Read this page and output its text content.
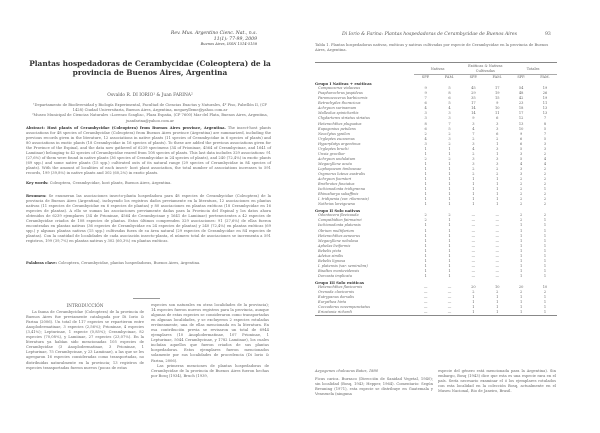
Rev. Mus. Argentino Cienc. Nat., n.s.
11(1): 77-99, 2009
Buenos Aires, ISSN 1514-5158
Plantas hospedadoras de Cerambycidae (Coleoptera) de la provincia de Buenos Aires, Argentina
Osvaldo R. DI IORIO¹ & Juan FARINA²
¹Departamento de Biodiversidad y Biología Experimental, Facultad de Ciencias Exactas y Naturales, 4º Piso, Pabellón II, (CF 1428) Ciudad Universitaria, Buenos Aires, Argentina, megaeylleme@yahoo.com.ar
²Museo Municipal de Ciencias Naturales «Lorenzo Scaglia», Plaza España, (CP 7600) Mar del Plata, Buenos Aires, Argentina, juanfarina@yahoo.com.ar
Abstract: Host plants of Cerambycidae (Coleoptera) from Buenos Aires province, Argentina. The insect-host plants associations for 48 species of Cerambycidae (Coleoptera) from Buenos Aires province (Argentina) are summarized, including the previous records given in the literature, 12 associations in native plants (11 species of Cerambycidae in 6 species of plants) and 80 associations in exotic plants (18 Cerambycidae in 16 species of plants). To these are added the previous associations given for the Province of the Espinal, and the data now gathered of 6239 specimens (34 of Prioninae, 4564 of Cerambycinae, and 1641 of Lamiinae) belonging to 42 species of Cerambycidae reared from 108 species of plants. This last data includes 329 associations: 91 (27,6%) of them were found in native plants (36 species of Cerambycidae in 24 species of plants), and 240 (72,4%) in exotic plants (69 spp.) and some native plants (15 spp.) cultivated outs of its natural range (29 species of Cerambycidae in 84 species of plants). With the amount of localities of each insect- host plant association, the total number of associations increases to 591 records, 199 (39,8%) in native plants and 302 (60,2%) in exotic plants.
Key words: Coleoptera, Cerambycidae, host plants, Buenos Aires, Argentina.
Resumen: Se enumeran las asociaciones insecto-planta hospedadora para 48 especies de Cerambycidae (Coleoptera) de la provincia de Buenos Aires (Argentina), incluyendo los registros dados previamente en la literatura, 12 asociaciones en plantas nativas (11 especies de Cerambycidae en 6 especies de plantas) y 80 asociaciones en plantas exóticas (18 Cerambycidae en 16 especies de plantas). A ello se suman las asociaciones previamente dadas para la Provincia del Espinal y los datos ahora obtenidos de 6239 ejemplares (34 de Prioninae, 4564 de Cerambycinae y 1641 de Lamiinae) pertenecientes a 42 especies de Cerambycidae criados de 108 especies de plantas. Estos últimos comprenden 329 asociaciones: 91 (27,6%) de ellas fueron encontradas en plantas nativas (36 especies de Cerambycidae en 24 especies de plantas) y 240 (72,4%) en plantas exóticas (69 spp.) y algunas plantas nativas (15 spp.) cultivadas fuera de su área natural (29 especies de Cerambycidae en 84 especies de plantas). Con la cantidad de localidades de cada asociación insecto-planta, el número total de asociaciones se incrementa a 591 registros, 199 (39,7%) en plantas nativas y 302 (60,3%) en plantas exóticas.
Palabras clave: Coleoptera, Cerambycidae, plantas hospedadoras, Buenos Aires, Argentina.
INTRODUCCIÓN

La fauna de Cerambycidae (Coleoptera) de la provincia de Buenos Aires fue previamente catalogada por Di Iorio & Farina (2006). Un total de 117 especies se repartieron entre Anoplodermatinae, 3 especies (2,56%); Prioninae, 4 especies (3,41%); Lepturinae, 1 especie (0,85%); Cerambycinae, 82 especies (70,08%), y Lamiinae, 27 especies (23,07%). En la literatura ya habían sido mencionadas 105 especies de Cerambycidae (3 Anoplodermatinae, 3 Prioninae, 1 Lepturinae, 75 Cerambycinae, y 23 Lamiinae), a las que se les agregaron 16 especies consideradas como transportadas, no distribuidas naturalmente en la provincia; 13 registros de especies transportadas fueron nuevos (pocas de estas

especies son naturales en otras localidades de la provincia); 14 especies fueron nuevos registros para la provincia, aunque algunas de estas especies se consideraron como transportadas en algunas localidades, y se excluyeron 2 especies rotuladas erróneamente, una de ellas mencionada en la literatura. En esa contribución previa se revisaron un total de 6944 ejemplares (10 Anoplodermatinae, 107 Prioninae, 1 Lepturinae, 5044 Cerambycinae, y 1782 Lamiinae), los cuales incluían aquellos que fueron criados de sus plantas hospedadoras. Estos ejemplares fueron mencionados solamente por sus localidades de procedencia (Di Iorio & Farina, 2006).

Las primeras menciones de plantas hospedadoras de Cerambycidae de la provincia de Buenos Aires fueron hechas por Bosq (1934), Bruch (1939,

Di Iorio & Farina: Plantas hospedadoras de Cerambycidae de Buenos Aires	93
Tabla 1. Plantas hospedadoras nativas, exóticas y nativas cultivadas por especie de Cerambycidae en la provincia de Buenos Aires, Argentina.

	Nativas		Exóticas & Nativas Cultivadas		Totales	
	SPP.	FAM.	SPP.	FAM.	SPP.	FAM.
Grupo I Nativas + exóticas						
Compsocerus violaceus	9	5	45	17	54	19
Psapharochrus jaspideus	9	8	29	19	48	26
Paromoeocerus barbicornis	7	6	35	15	42	19
Retrachydes thoracicus	6	5	17	9	23	11
Achryson surinamum	4	4	14	10	18	13
Malleolus spinicharkis	3	3	14	11	17	13
Chydarteres striatus striatus	3	3	9	6	12	7
Heterachthes pluguatus	8	7	3	3	13	8
Eupogonius petulans	6	5	4	3	10	5
Neoclytus ypsilon	2	2	7	6	9	7
Urgleptes eucosmus	4	3	2	2	6	5
Hyperplatys argentinus	3	2	3	1	6	3
Urgleptes bruchi	1	1	4	3	5	3
Unxia gracilior	1	1	2	1	3	2
Achryson undulatum	2	2	3	3	5	4
Megacyllene acuta	1	1	3	3	4	4
Lophopoeum timbouvae	1	1	2	2	3	2
Oxymerus luteus australis	1	1	2	2	3	2
Achryson foersteri	1	1	1	1	2	2
Brothrotes fasciatus	1	1	1	1	2	2
Ischionodonta tridigranna	1	1	1	1	2	1
Rhinodiarya subaffinis	1	1	1	1	2	2
I. tridipenia (var. riberensis)	1	1	1	1	2	2
Nothrias loreigowna	1	1	1	1	2	2
Grupo II Solo nativas						
Odontocera flavicauda	2	2	—	—	2	2
Compsibidion fairmairei	2	1	—	—	2	1
Ischionodonta platensis	1	1	—	—	1	1
Obrium multifarium	1	1	—	—	1	1
Heterachthes aeneorus	1	1	—	—	1	1
Megacyllene nebulosa	1	1	—	—	1	1
Aphelas liviformis	1	1	—	—	1	1
Bebelis picta	1	1	—	—	1	1
Adetus similis	1	1	—	—	1	1
Bebelis lignosa	1	1	—	—	1	1
I. platensis (var. semirubra)	1	1	—	—	1	1
Bisaltes montevidensis	1	1	—	—	1	1
Dorcasta implicata	1	1	—	—	1	1
Grupo III Solo exóticas						
Heterachthes flavicornis	—	—	20	10	20	10
Orenoda clavicornis	—	—	2	2	2	2
Eutrypanus dorsalis	—	—	1	1	1	1
Eurysthea hirta	—	—	1	1	1	1
Coccoderus novempunctatus	—	—	1	1	1	1
Eriostania richardi	—	—	1	1	1	1

Aeyogenes chalcaeus Bates, 1880

Ficus carica. Burzaco (Dirección de Sanidad Vegetal, 1940); sin localidad (Bosq, 1943; Hepper, 1964). Comentario: Según Breuning (1971), esta especie se distribuye en Guatemala y Venezuela (ninguna

especie del género está mencionada para la Argentina). Sin embargo, Bosq (1943) dice que esta es una especie rara en el país. Sería necesario examinar el ó los ejemplares rotulados con esta localidad en la colección Bosq, actualmente en el Museu Nacional, Rio de Janeiro, Brasil.
